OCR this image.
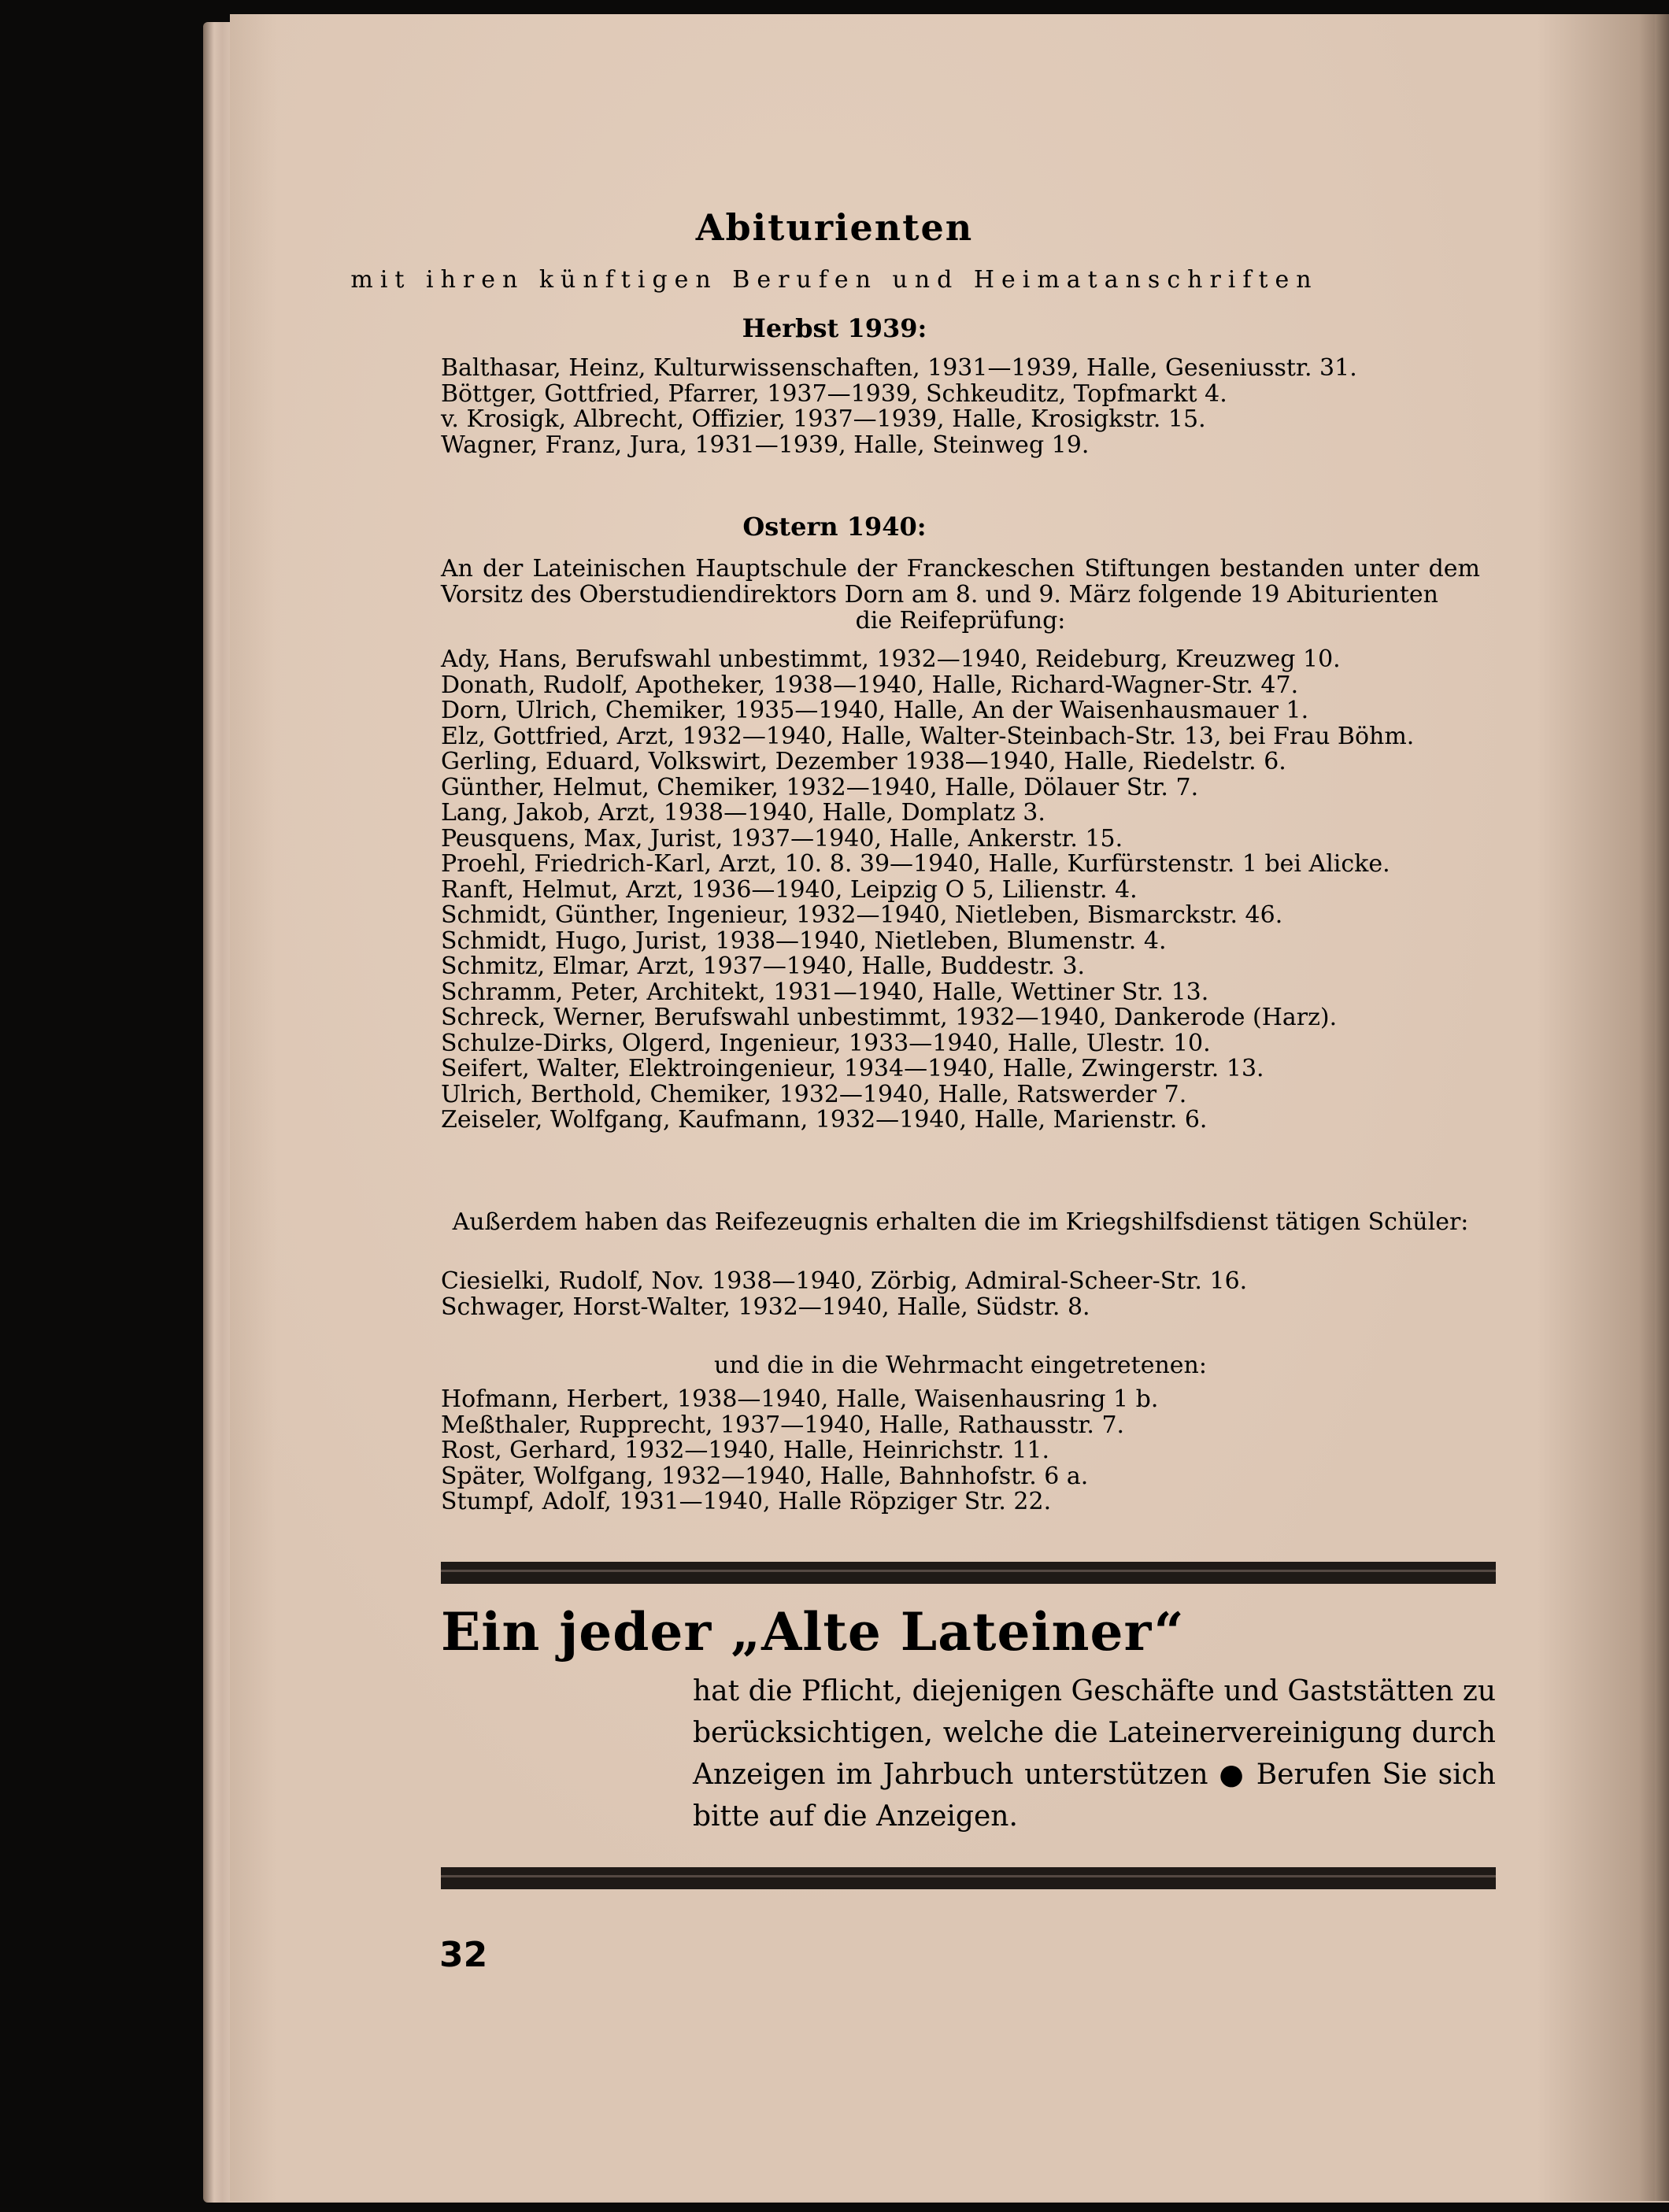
Abiturienten

mit ihren künftigen Berufen und Heimatanschriften

Herbst 1939:
Balthasar, Heinz, Kulturwissenschaften, 1931—1939, Halle, Geseniusstr. 31.
Böttger, Gottfried, Pfarrer, 1937—1939, Schkeuditz, Topfmarkt 4.
v. Krosigk, Albrecht, Offizier, 1937—1939, Halle, Krosigkstr. 15.
Wagner, Franz, Jura, 1931—1939, Halle, Steinweg 19.
Ostern 1940:

An der Lateinischen Hauptschule der Franckeschen Stiftungen bestanden unter dem Vorsitz des Oberstudiendirektors Dorn am 8. und 9. März folgende 19 Abiturienten
die Reifeprüfung:

Ady, Hans, Berufswahl unbestimmt, 1932—1940, Reideburg, Kreuzweg 10.
Donath, Rudolf, Apotheker, 1938—1940, Halle, Richard-Wagner-Str. 47.
Dorn, Ulrich, Chemiker, 1935—1940, Halle, An der Waisenhausmauer 1.
Elz, Gottfried, Arzt, 1932—1940, Halle, Walter-Steinbach-Str. 13, bei Frau Böhm.
Gerling, Eduard, Volkswirt, Dezember 1938—1940, Halle, Riedelstr. 6.
Günther, Helmut, Chemiker, 1932—1940, Halle, Dölauer Str. 7.
Lang, Jakob, Arzt, 1938—1940, Halle, Domplatz 3.
Peusquens, Max, Jurist, 1937—1940, Halle, Ankerstr. 15.
Proehl, Friedrich-Karl, Arzt, 10. 8. 39—1940, Halle, Kurfürstenstr. 1 bei Alicke.
Ranft, Helmut, Arzt, 1936—1940, Leipzig O 5, Lilienstr. 4.
Schmidt, Günther, Ingenieur, 1932—1940, Nietleben, Bismarckstr. 46.
Schmidt, Hugo, Jurist, 1938—1940, Nietleben, Blumenstr. 4.
Schmitz, Elmar, Arzt, 1937—1940, Halle, Buddestr. 3.
Schramm, Peter, Architekt, 1931—1940, Halle, Wettiner Str. 13.
Schreck, Werner, Berufswahl unbestimmt, 1932—1940, Dankerode (Harz).
Schulze-Dirks, Olgerd, Ingenieur, 1933—1940, Halle, Ulestr. 10.
Seifert, Walter, Elektroingenieur, 1934—1940, Halle, Zwingerstr. 13.
Ulrich, Berthold, Chemiker, 1932—1940, Halle, Ratswerder 7.
Zeiseler, Wolfgang, Kaufmann, 1932—1940, Halle, Marienstr. 6.

Außerdem haben das Reifezeugnis erhalten die im Kriegshilfsdienst tätigen Schüler:

Ciesielki, Rudolf, Nov. 1938—1940, Zörbig, Admiral-Scheer-Str. 16.
Schwager, Horst-Walter, 1932—1940, Halle, Südstr. 8.

und die in die Wehrmacht eingetretenen:

Hofmann, Herbert, 1938—1940, Halle, Waisenhausring 1 b.
Meßthaler, Rupprecht, 1937—1940, Halle, Rathausstr. 7.
Rost, Gerhard, 1932—1940, Halle, Heinrichstr. 11.
Später, Wolfgang, 1932—1940, Halle, Bahnhofstr. 6 a.
Stumpf, Adolf, 1931—1940, Halle Röpziger Str. 22.
Ein jeder „Alte Lateiner“

hat die Pflicht, diejenigen Geschäfte und Gaststätten zu berücksichtigen, welche die Lateinervereinigung durch Anzeigen im Jahrbuch unterstützen ● Berufen Sie sich bitte auf die Anzeigen.

32
